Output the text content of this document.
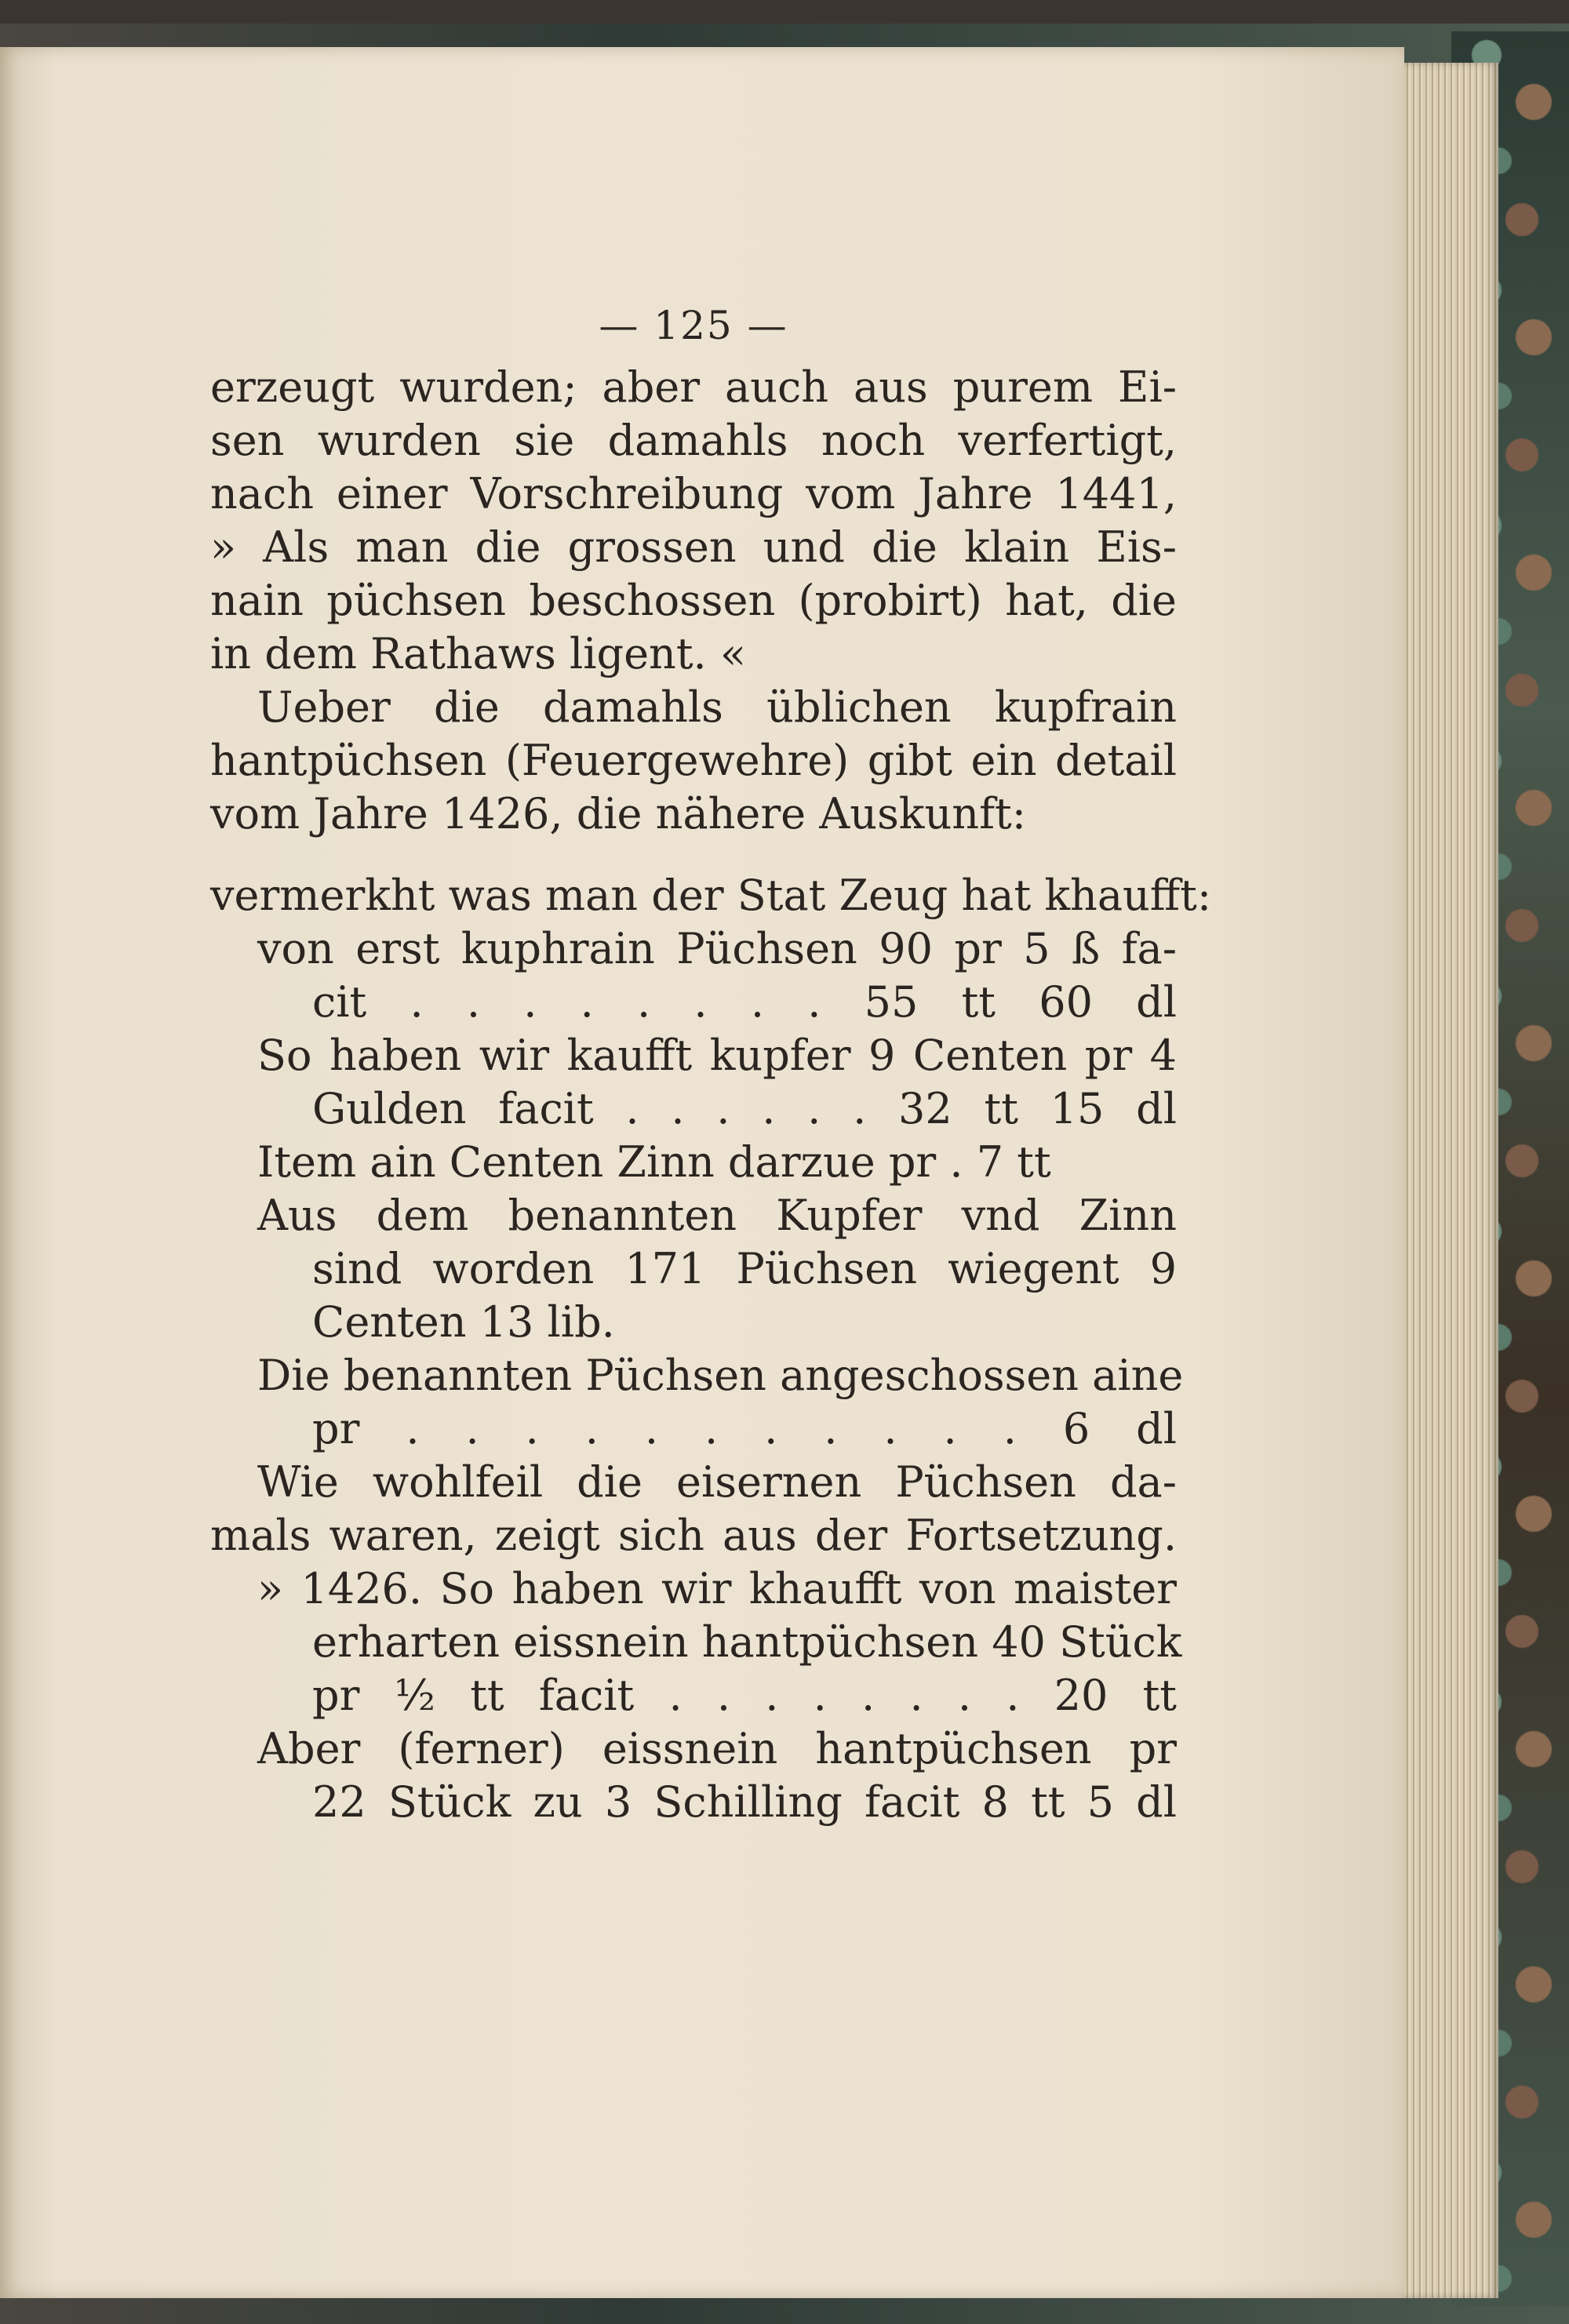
— 125 —
erzeugt wurden; aber auch aus purem Ei-
sen wurden sie damahls noch verfertigt,
nach einer Vorschreibung vom Jahre 1441,
» Als man die grossen und die klain Eis-
nain püchsen beschossen (probirt) hat, die
in dem Rathaws ligent. «
Ueber die damahls üblichen kupfrain
hantpüchsen (Feuergewehre) gibt ein detail
vom Jahre 1426, die nähere Auskunft:
vermerkht was man der Stat Zeug hat khaufft:
von erst kuphrain Püchsen 90 pr 5 ß fa-
cit . . . . . . . . 55 tt 60 dl
So haben wir kaufft kupfer 9 Centen pr 4
Gulden facit . . . . . . 32 tt 15 dl
Item ain Centen Zinn darzue pr . 7 tt
Aus dem benannten Kupfer vnd Zinn
sind worden 171 Püchsen wiegent 9
Centen 13 lib.
Die benannten Püchsen angeschossen aine
pr . . . . . . . . . . . 6 dl
Wie wohlfeil die eisernen Püchsen da-
mals waren, zeigt sich aus der Fortsetzung.
» 1426. So haben wir khaufft von maister
erharten eissnein hantpüchsen 40 Stück
pr ½ tt facit . . . . . . . . 20 tt
Aber (ferner) eissnein hantpüchsen pr
22 Stück zu 3 Schilling facit 8 tt 5 dl
